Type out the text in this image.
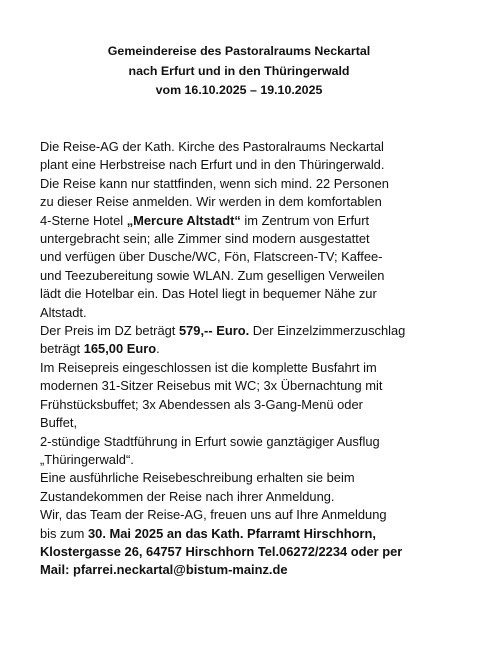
Gemeindereise des Pastoralraums Neckartal
nach Erfurt und in den Thüringerwald
vom 16.10.2025 – 19.10.2025

Die Reise-AG der Kath. Kirche des Pastoralraums Neckartal

plant eine Herbstreise nach Erfurt und in den Thüringerwald.

Die Reise kann nur stattfinden, wenn sich mind. 22 Personen

zu dieser Reise anmelden. Wir werden in dem komfortablen

4-Sterne Hotel „Mercure Altstadt“ im Zentrum von Erfurt

untergebracht sein; alle Zimmer sind modern ausgestattet

und verfügen über Dusche/WC, Fön, Flatscreen-TV; Kaffee-

und Teezubereitung sowie WLAN. Zum geselligen Verweilen

lädt die Hotelbar ein. Das Hotel liegt in bequemer Nähe zur

Altstadt.

Der Preis im DZ beträgt 579,-- Euro. Der Einzelzimmerzuschlag

beträgt 165,00 Euro.

Im Reisepreis eingeschlossen ist die komplette Busfahrt im

modernen 31-Sitzer Reisebus mit WC; 3x Übernachtung mit

Frühstücksbuffet; 3x Abendessen als 3-Gang-Menü oder

Buffet,

2-stündige Stadtführung in Erfurt sowie ganztägiger Ausflug

„Thüringerwald“.

Eine ausführliche Reisebeschreibung erhalten sie beim

Zustandekommen der Reise nach ihrer Anmeldung.

Wir, das Team der Reise-AG, freuen uns auf Ihre Anmeldung

bis zum 30. Mai 2025 an das Kath. Pfarramt Hirschhorn,

Klostergasse 26, 64757 Hirschhorn Tel.06272/2234 oder per

Mail: pfarrei.neckartal@bistum-mainz.de
